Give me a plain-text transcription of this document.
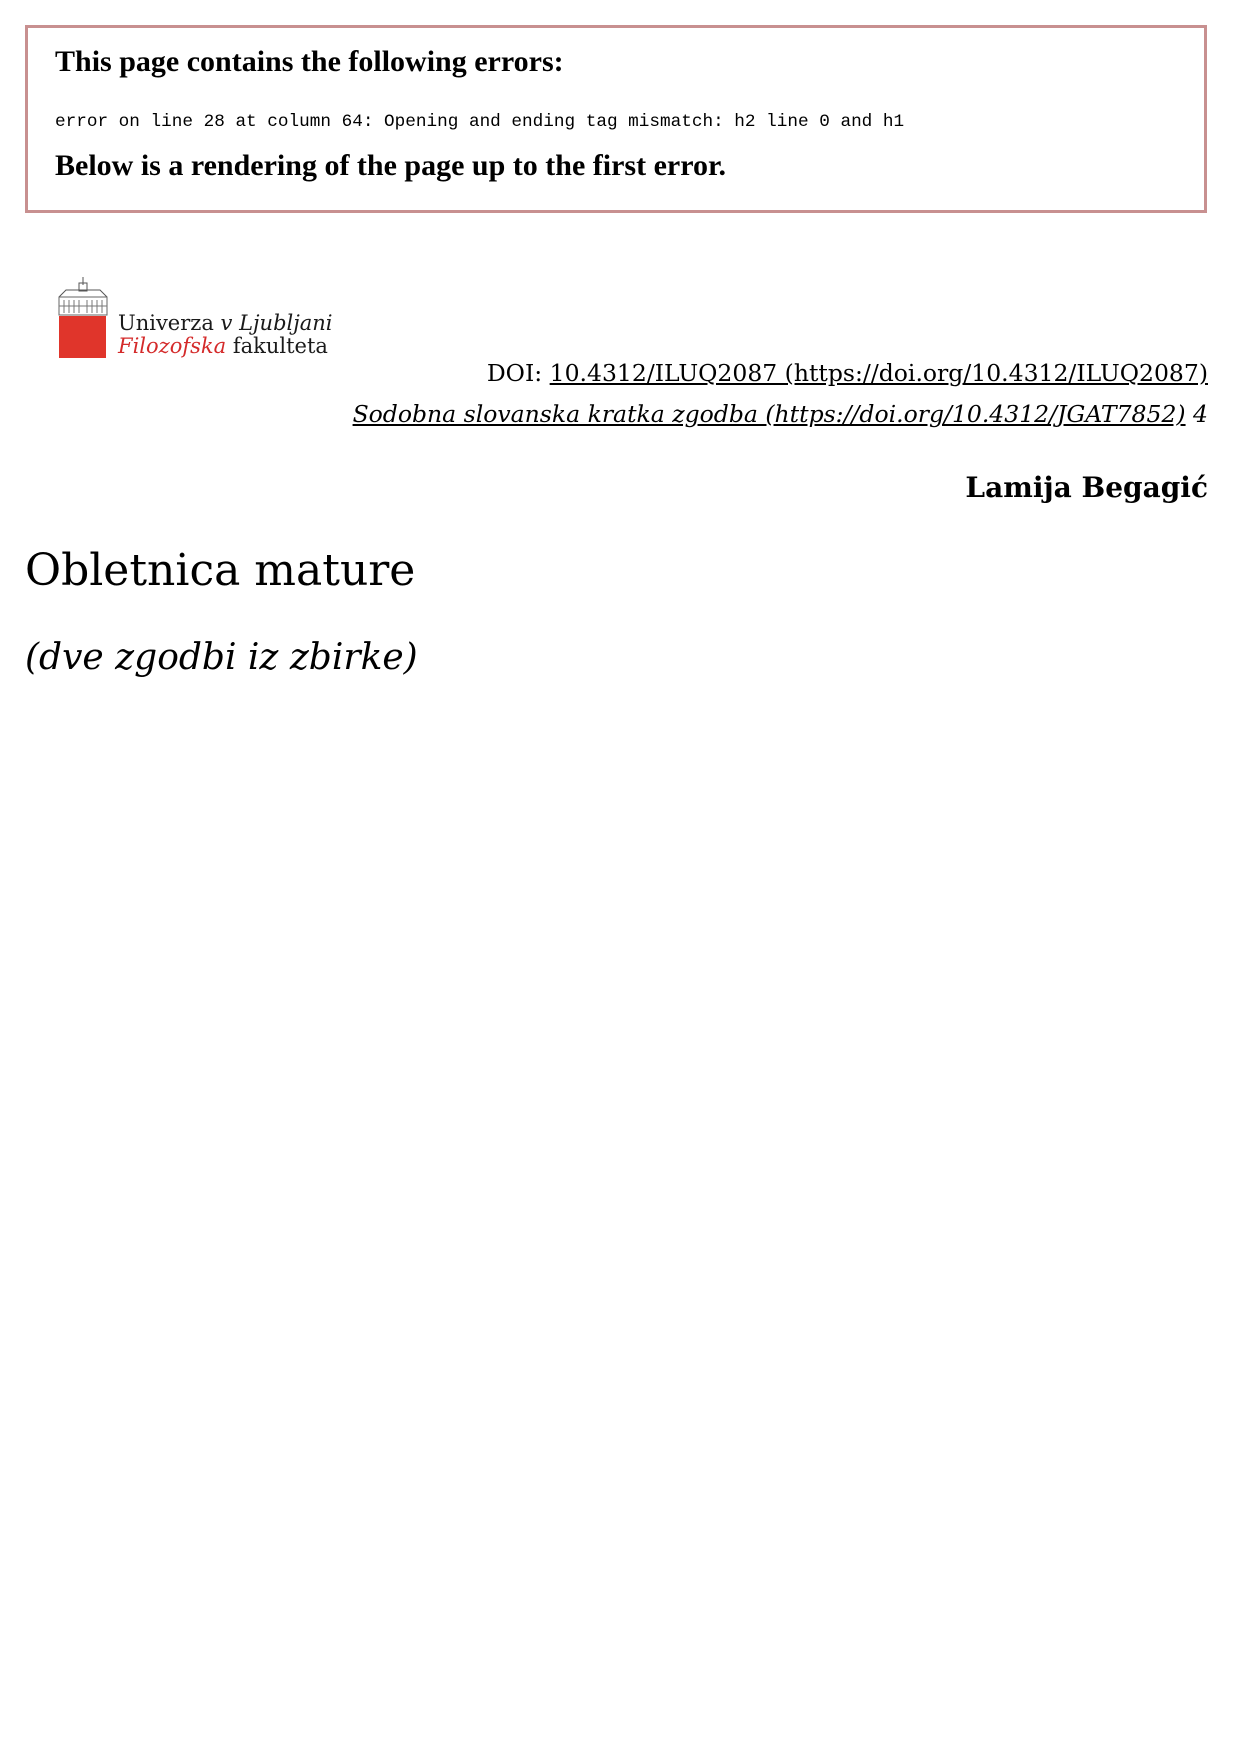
This page contains the following errors:
error on line 28 at column 64: Opening and ending tag mismatch: h2 line 0 and h1
Below is a rendering of the page up to the first error.
Univerza v Ljubljani
Filozofska fakulteta
DOI: 10.4312/ILUQ2087 (https://doi.org/10.4312/ILUQ2087)
Sodobna slovanska kratka zgodba (https://doi.org/10.4312/JGAT7852) 4
Lamija Begagić
Obletnica mature
(dve zgodbi iz zbirke)
